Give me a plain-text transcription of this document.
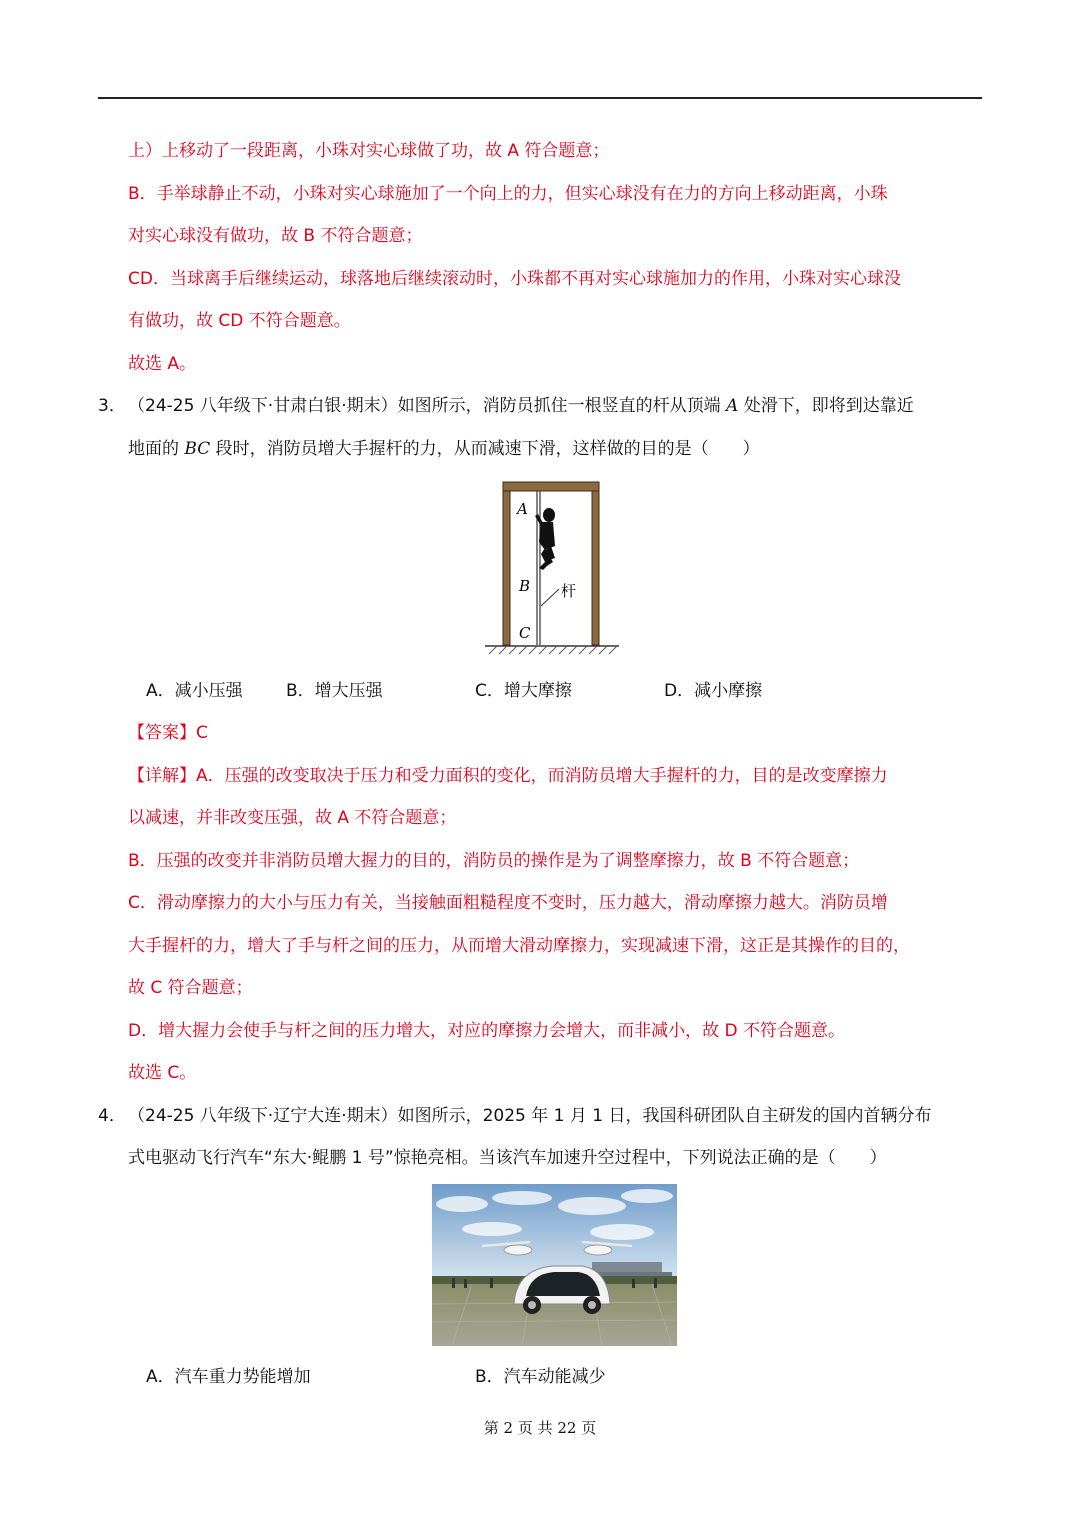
上）上移动了一段距离，小珠对实心球做了功，故 A 符合题意；
B．手举球静止不动，小珠对实心球施加了一个向上的力，但实心球没有在力的方向上移动距离，小珠
对实心球没有做功，故 B 不符合题意；
CD．当球离手后继续运动，球落地后继续滚动时，小珠都不再对实心球施加力的作用，小珠对实心球没
有做功，故 CD 不符合题意。
故选 A。
3． （24-25 八年级下·甘肃白银·期末）如图所示，消防员抓住一根竖直的杆从顶端 A 处滑下，即将到达靠近
地面的 BC 段时，消防员增大手握杆的力，从而减速下滑，这样做的目的是（　　）
A
B
C
杆
A．减小压强	B．增大压强	C．增大摩擦	D．减小摩擦
【答案】C
【详解】A．压强的改变取决于压力和受力面积的变化，而消防员增大手握杆的力，目的是改变摩擦力
以减速，并非改变压强，故 A 不符合题意；
B．压强的改变并非消防员增大握力的目的，消防员的操作是为了调整摩擦力，故 B 不符合题意；
C．滑动摩擦力的大小与压力有关，当接触面粗糙程度不变时，压力越大，滑动摩擦力越大。消防员增
大手握杆的力，增大了手与杆之间的压力，从而增大滑动摩擦力，实现减速下滑，这正是其操作的目的，
故 C 符合题意；
D．增大握力会使手与杆之间的压力增大，对应的摩擦力会增大，而非减小，故 D 不符合题意。
故选 C。
4． （24-25 八年级下·辽宁大连·期末）如图所示，2025 年 1 月 1 日，我国科研团队自主研发的国内首辆分布
式电驱动飞行汽车“东大·鲲鹏 1 号”惊艳亮相。当该汽车加速升空过程中，下列说法正确的是（　　）
A．汽车重力势能增加	B．汽车动能减少
第 2 页 共 22 页
